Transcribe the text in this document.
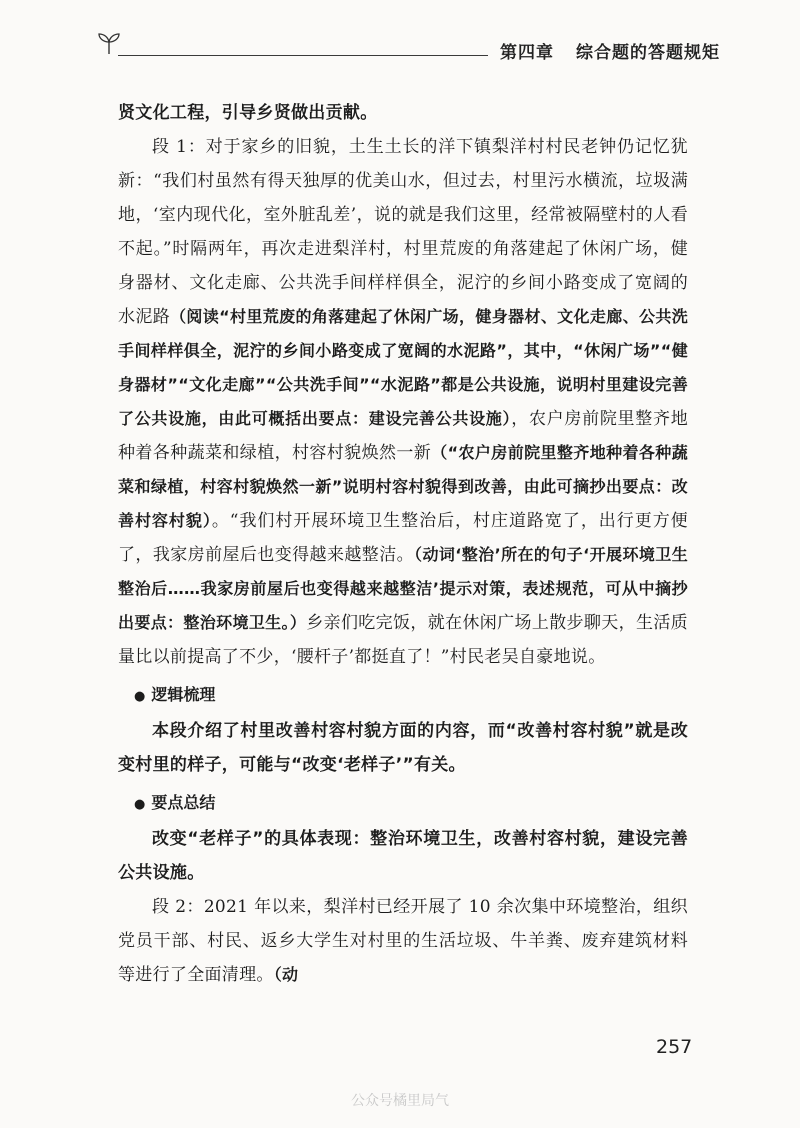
第四章 综合题的答题规矩

贤文化工程，引导乡贤做出贡献。

段 1：对于家乡的旧貌，土生土长的洋下镇梨洋村村民老钟仍记忆犹新：“我们村虽然有得天独厚的优美山水，但过去，村里污水横流，垃圾满地，‘室内现代化，室外脏乱差’，说的就是我们这里，经常被隔壁村的人看不起。”时隔两年，再次走进梨洋村，村里荒废的角落建起了休闲广场，健身器材、文化走廊、公共洗手间样样俱全，泥泞的乡间小路变成了宽阔的水泥路（阅读“村里荒废的角落建起了休闲广场，健身器材、文化走廊、公共洗手间样样俱全，泥泞的乡间小路变成了宽阔的水泥路”，其中，“休闲广场”“健身器材”“文化走廊”“公共洗手间”“水泥路”都是公共设施，说明村里建设完善了公共设施，由此可概括出要点：建设完善公共设施），农户房前院里整齐地种着各种蔬菜和绿植，村容村貌焕然一新（“农户房前院里整齐地种着各种蔬菜和绿植，村容村貌焕然一新”说明村容村貌得到改善，由此可摘抄出要点：改善村容村貌）。“我们村开展环境卫生整治后，村庄道路宽了，出行更方便了，我家房前屋后也变得越来越整洁。（动词‘整治’所在的句子‘开展环境卫生整治后……我家房前屋后也变得越来越整洁’提示对策，表述规范，可从中摘抄出要点：整治环境卫生。）乡亲们吃完饭，就在休闲广场上散步聊天，生活质量比以前提高了不少，‘腰杆子’都挺直了！”村民老吴自豪地说。

● 逻辑梳理

本段介绍了村里改善村容村貌方面的内容，而“改善村容村貌”就是改变村里的样子，可能与“改变‘老样子’”有关。

● 要点总结

改变“老样子”的具体表现：整治环境卫生，改善村容村貌，建设完善公共设施。

段 2：2021 年以来，梨洋村已经开展了 10 余次集中环境整治，组织党员干部、村民、返乡大学生对村里的生活垃圾、牛羊粪、废弃建筑材料等进行了全面清理。（动

257
公众号橘里局气
